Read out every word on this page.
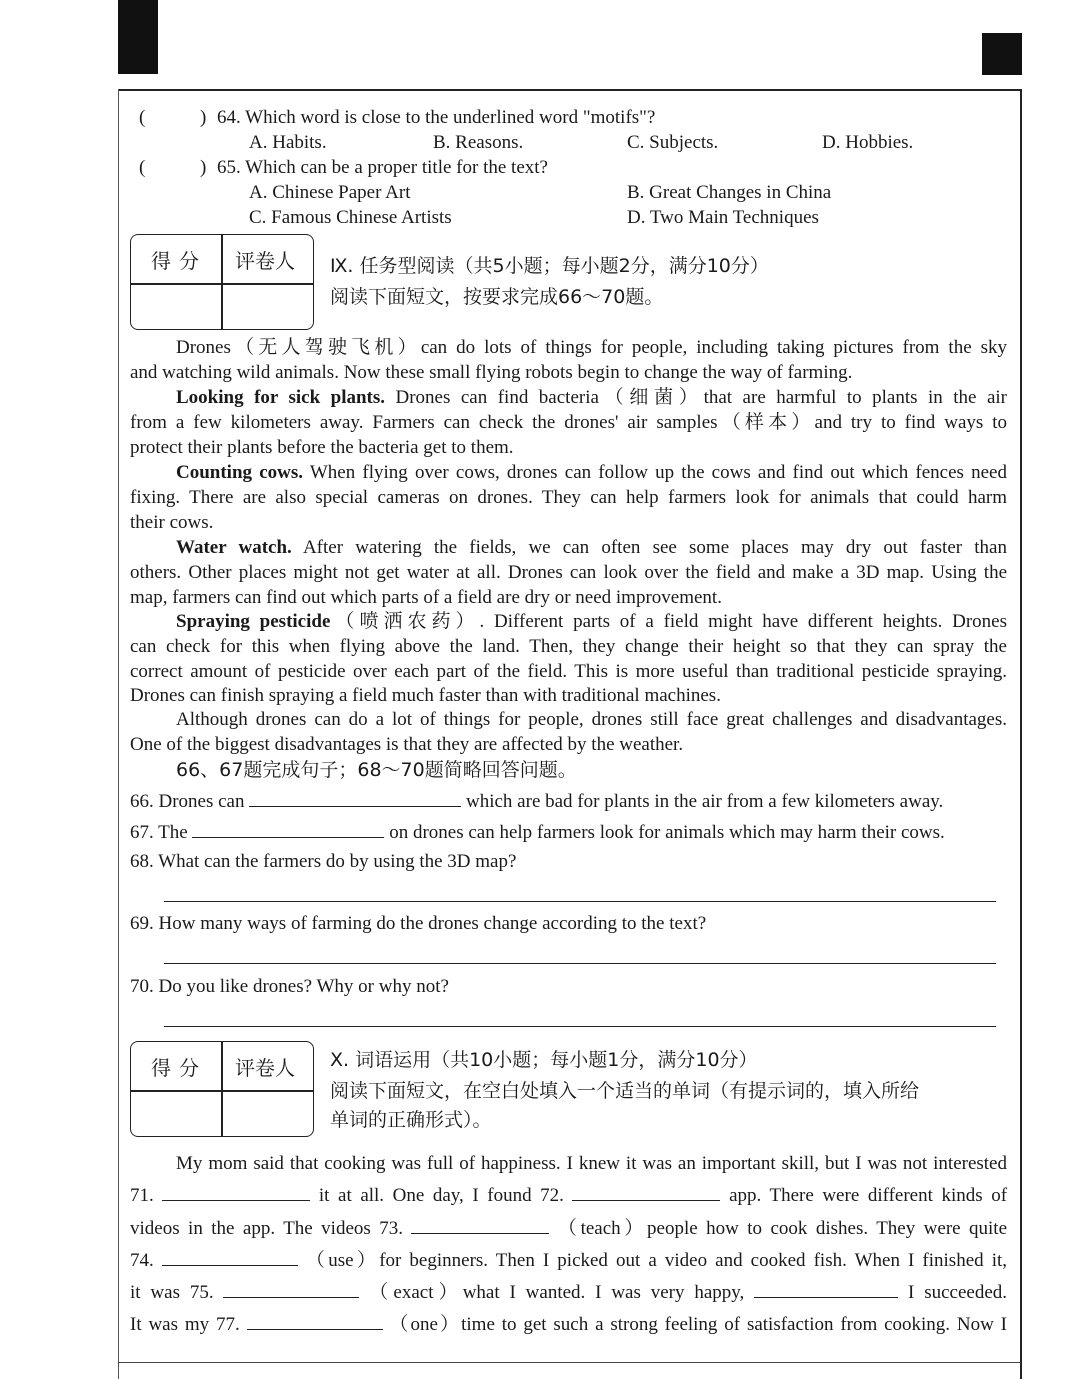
(	) 64. Which word is close to the underlined word "motifs"?
A. Habits.	B. Reasons.	C. Subjects.	D. Hobbies.
(	) 65. Which can be a proper title for the text?
A. Chinese Paper Art	B. Great Changes in China
C. Famous Chinese Artists	D. Two Main Techniques
得分 评卷人 Ⅸ. 任务型阅读（共5小题；每小题2分，满分10分）
阅读下面短文，按要求完成66～70题。
Drones（无人驾驶飞机）can do lots of things for people, including taking pictures from the sky
and watching wild animals. Now these small flying robots begin to change the way of farming.
Looking for sick plants. Drones can find bacteria（细菌）that are harmful to plants in the air
from a few kilometers away. Farmers can check the drones' air samples（样本）and try to find ways to
protect their plants before the bacteria get to them.
Counting cows. When flying over cows, drones can follow up the cows and find out which fences need
fixing. There are also special cameras on drones. They can help farmers look for animals that could harm
their cows.
Water watch. After watering the fields, we can often see some places may dry out faster than
others. Other places might not get water at all. Drones can look over the field and make a 3D map. Using the
map, farmers can find out which parts of a field are dry or need improvement.
Spraying pesticide（喷洒农药）. Different parts of a field might have different heights. Drones
can check for this when flying above the land. Then, they change their height so that they can spray the
correct amount of pesticide over each part of the field. This is more useful than traditional pesticide spraying.
Drones can finish spraying a field much faster than with traditional machines.
Although drones can do a lot of things for people, drones still face great challenges and disadvantages.
One of the biggest disadvantages is that they are affected by the weather.
66、67题完成句子；68～70题简略回答问题。
66. Drones can	which are bad for plants in the air from a few kilometers away.
67. The	on drones can help farmers look for animals which may harm their cows.
68. What can the farmers do by using the 3D map?
69. How many ways of farming do the drones change according to the text?
70. Do you like drones? Why or why not?
得分 评卷人 Ⅹ. 词语运用（共10小题；每小题1分，满分10分）
阅读下面短文，在空白处填入一个适当的单词（有提示词的，填入所给
单词的正确形式）。
My mom said that cooking was full of happiness. I knew it was an important skill, but I was not interested
71.	it at all. One day, I found 72.	app. There were different kinds of
videos in the app. The videos 73.	（teach）people how to cook dishes. They were quite
74.	（use）for beginners. Then I picked out a video and cooked fish. When I finished it,
it was 75.	（exact）what I wanted. I was very happy,	I succeeded.
It was my 77.	（one）time to get such a strong feeling of satisfaction from cooking. Now I
